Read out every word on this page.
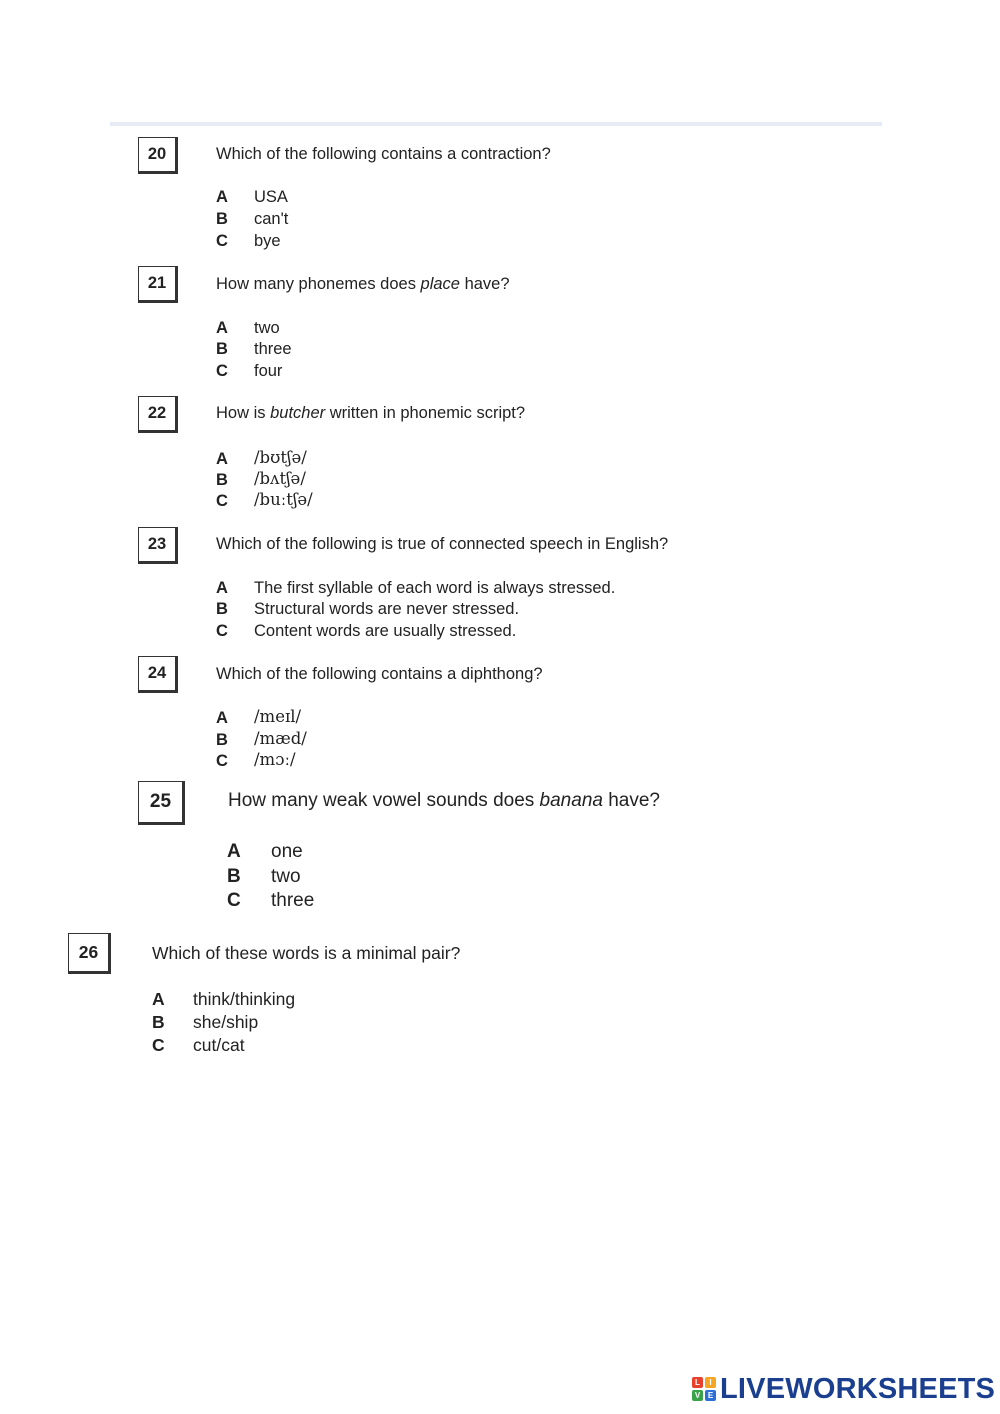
20	Which of the following contains a contraction?
A USA
B can't
C bye
21	How many phonemes does place have?
A two
B three
C four
22	How is butcher written in phonemic script?
A /bʊtʃə/
B /bʌtʃə/
C /buːtʃə/
23	Which of the following is true of connected speech in English?
A The first syllable of each word is always stressed.
B Structural words are never stressed.
C Content words are usually stressed.
24	Which of the following contains a diphthong?
A /meɪl/
B /mæd/
C /mɔː/
25	How many weak vowel sounds does banana have?
A one
B two
C three
26	Which of these words is a minimal pair?
A think/thinking
B she/ship
C cut/cat
L	I
V E LIVEWORKSHEETS
